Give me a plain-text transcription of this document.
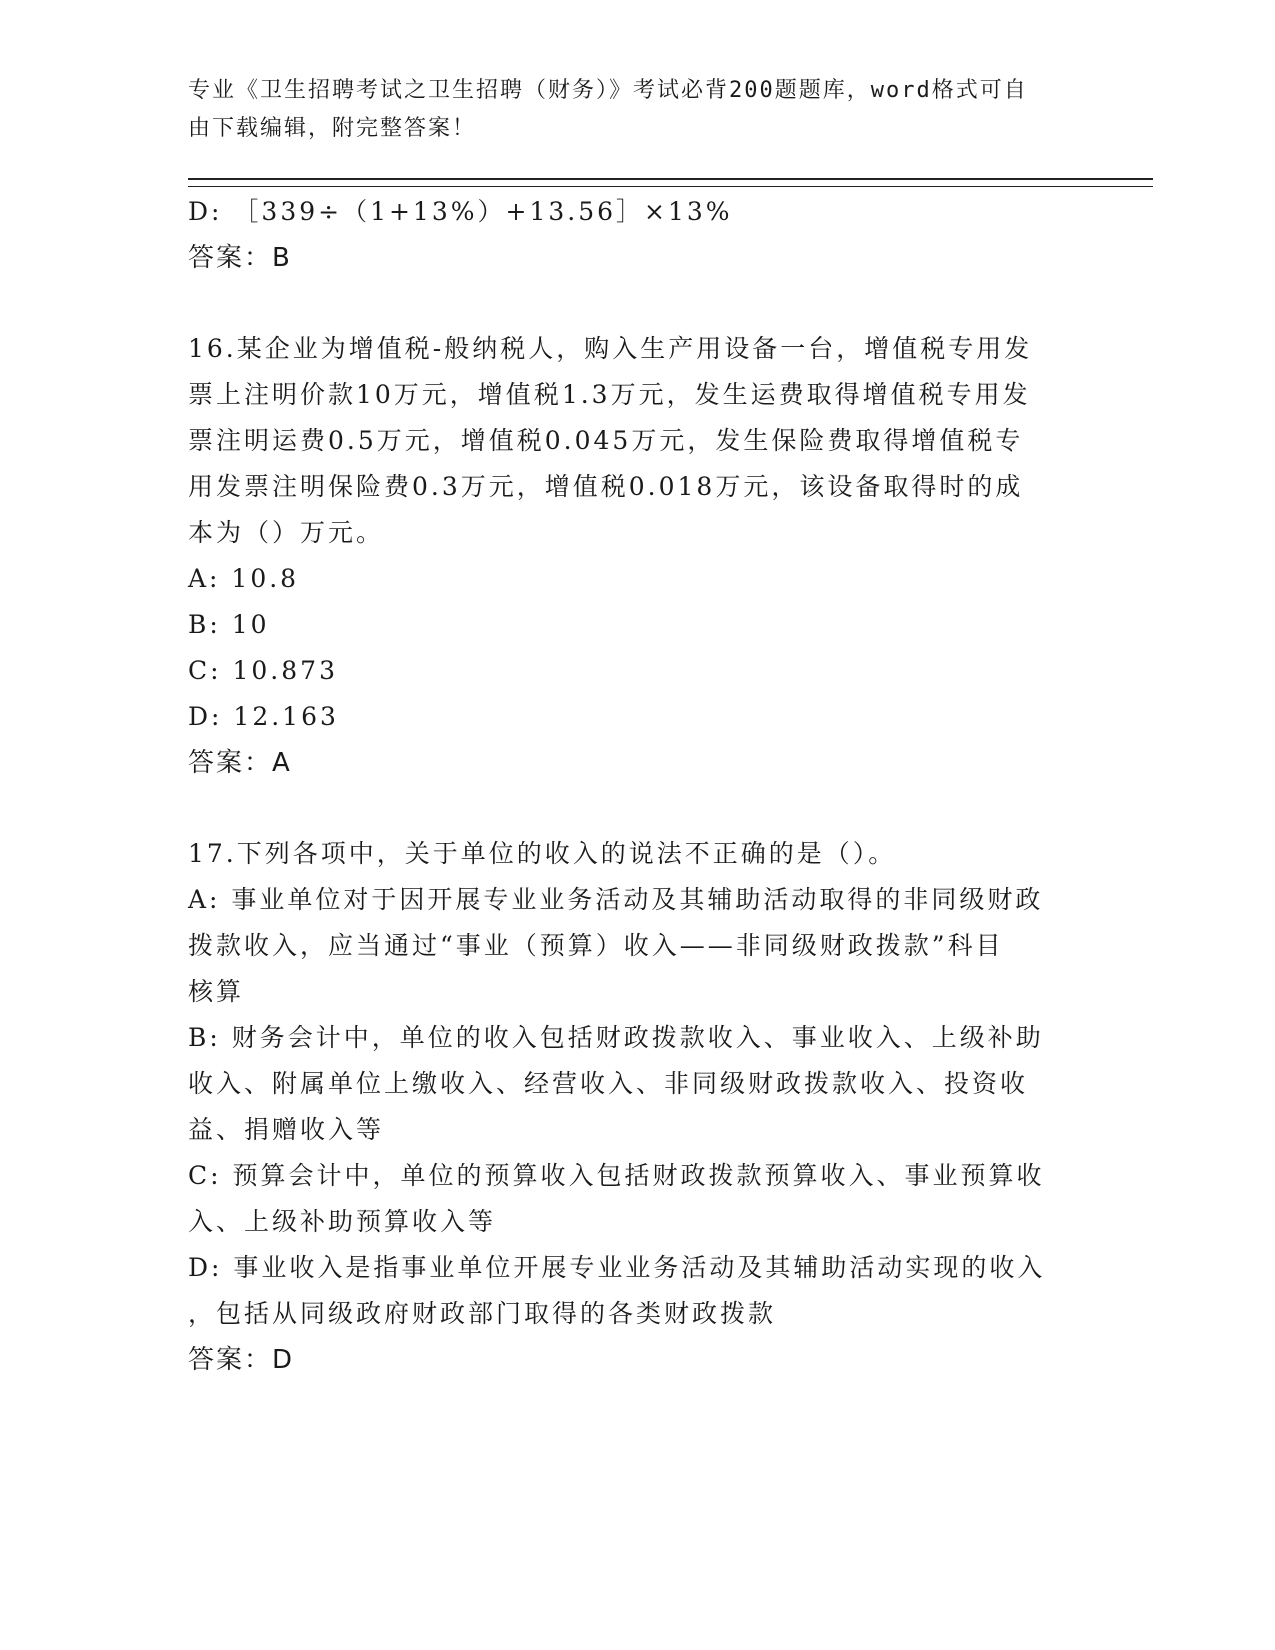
专业《卫生招聘考试之卫生招聘（财务）》考试必背200题题库，word格式可自
由下载编辑，附完整答案！
D: ［339÷（1+13%）+13.56］×13%
答案：B
16.某企业为增值税-般纳税人，购入生产用设备一台，增值税专用发
票上注明价款10万元，增值税1.3万元，发生运费取得增值税专用发
票注明运费0.5万元，增值税0.045万元，发生保险费取得增值税专
用发票注明保险费0.3万元，增值税0.018万元，该设备取得时的成
本为（）万元。
A: 10.8
B: 10
C: 10.873
D: 12.163
答案：A
17.下列各项中，关于单位的收入的说法不正确的是（）。
A: 事业单位对于因开展专业业务活动及其辅助活动取得的非同级财政
拨款收入，应当通过“事业（预算）收入——非同级财政拨款”科目
核算
B: 财务会计中，单位的收入包括财政拨款收入、事业收入、上级补助
收入、附属单位上缴收入、经营收入、非同级财政拨款收入、投资收
益、捐赠收入等
C: 预算会计中，单位的预算收入包括财政拨款预算收入、事业预算收
入、上级补助预算收入等
D: 事业收入是指事业单位开展专业业务活动及其辅助活动实现的收入
，包括从同级政府财政部门取得的各类财政拨款
答案：D
